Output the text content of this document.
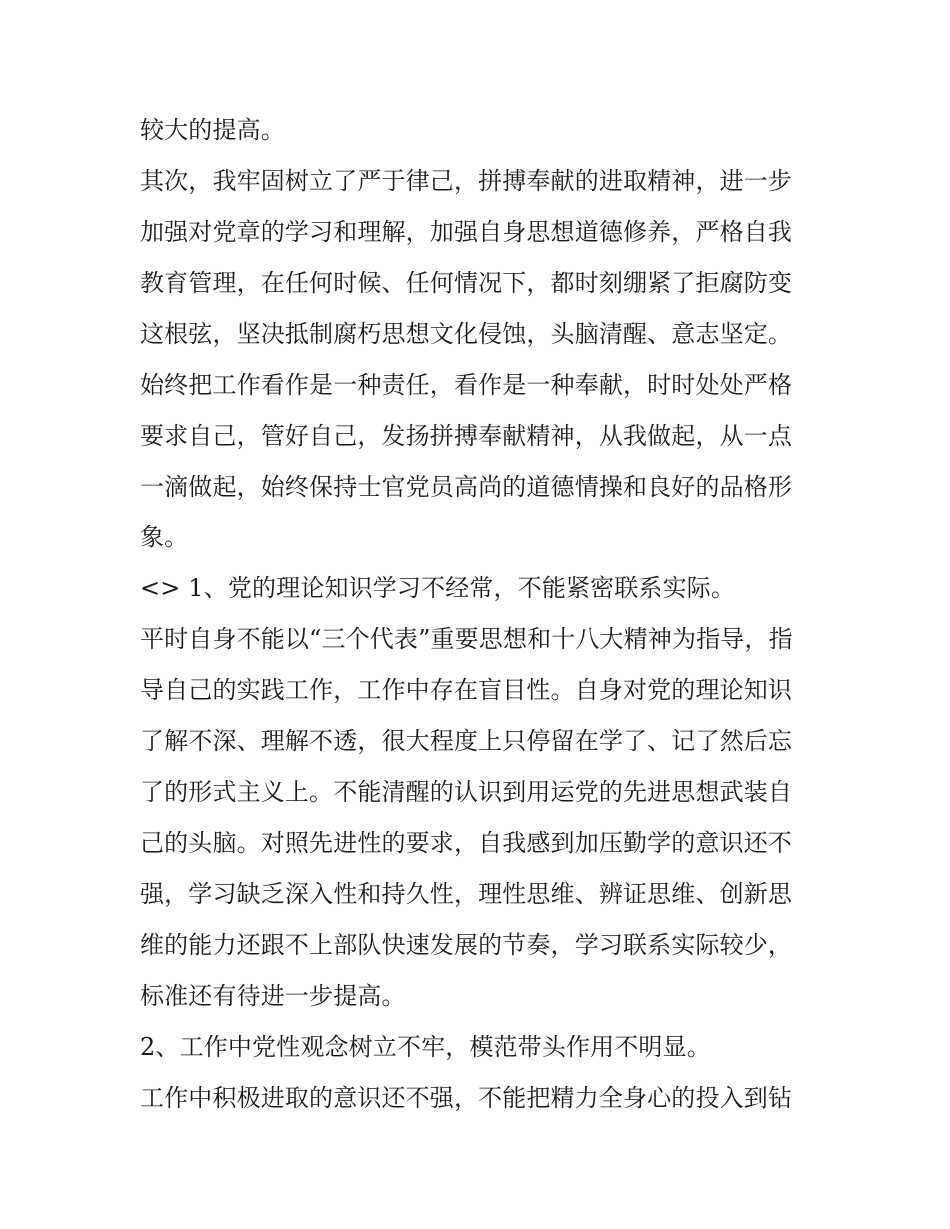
较大的提高。
其次，我牢固树立了严于律己，拼搏奉献的进取精神，进一步
加强对党章的学习和理解，加强自身思想道德修养，严格自我
教育管理，在任何时候、任何情况下，都时刻绷紧了拒腐防变
这根弦，坚决抵制腐朽思想文化侵蚀，头脑清醒、意志坚定。
始终把工作看作是一种责任，看作是一种奉献，时时处处严格
要求自己，管好自己，发扬拼搏奉献精神，从我做起，从一点
一滴做起，始终保持士官党员高尚的道德情操和良好的品格形
象。
<> 1、党的理论知识学习不经常，不能紧密联系实际。
平时自身不能以“三个代表”重要思想和十八大精神为指导，指
导自己的实践工作，工作中存在盲目性。自身对党的理论知识
了解不深、理解不透，很大程度上只停留在学了、记了然后忘
了的形式主义上。不能清醒的认识到用运党的先进思想武装自
己的头脑。对照先进性的要求，自我感到加压勤学的意识还不
强，学习缺乏深入性和持久性，理性思维、辨证思维、创新思
维的能力还跟不上部队快速发展的节奏，学习联系实际较少，
标准还有待进一步提高。
2、工作中党性观念树立不牢，模范带头作用不明显。
工作中积极进取的意识还不强，不能把精力全身心的投入到钻
